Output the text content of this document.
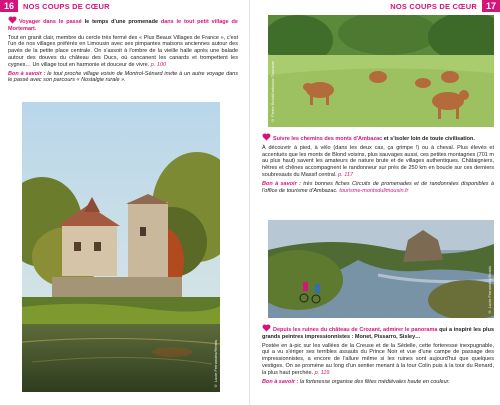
16	NOS COUPS DE CŒUR

Voyager dans le passé le temps d'une promenade dans le tout petit village de Mortemart.

Tout en granit clair, membre du cercle très fermé des « Plus Beaux Villages de France », c'est l'un de nos villages préférés en Limousin avec ses pimpantes maisons anciennes autour des pavés de la petite place centrale. On s'assoit à l'ombre de la vieille halle après une balade autour des douves du château des Ducs, où cancanent les canards et trompettent les cygnes… Un village tout en harmonie et douceur de vivre. p. 100

Bon à savoir : le tout proche village voisin de Montrol-Sénard invite à un autre voyage dans le passé avec son parcours « Nostalgie rurale ».

© Lucie Fernandez/Hemis
NOS COUPS DE CŒUR 17
© Pierre Belot/Ambazac Tourisme

Suivre les chemins des monts d'Ambazac et s'isoler loin de toute civilisation.

À découvrir à pied, à vélo (dans les deux cas, ça grimpe !) ou à cheval. Plus élevés et accentués que les monts de Blond voisins, plus sauvages aussi, ces petites montagnes (701 m au plus haut) savent les amateurs de nature brute et de villages authentiques. Châtaigniers, hêtres et chênes accompagnent le randonneur sur près de 250 km en boucle sur ces derniers soubresauts du Massif central. p. 117

Bon à savoir : très bonnes fiches Circuits de promenades et de randonnées disponibles à l'office de tourisme d'Ambazac. tourisme-montsdulimousin.fr

© Lucie Fernandez/Hemis

Depuis les ruines du château de Crozant, admirer le panorama qui a inspiré les plus grands peintres impressionnistes : Monet, Pissarro, Sisley…

Postée en à-pic sur les vallées de la Creuse et de la Sédelle, cette forteresse inexpugnable, qui a vu s'ériger ses terribles assauts du Prince Noir et vue d'une campe de passage des impressionnistes, a encore de l'allure même si les ruines sont aujourd'hui que quelques vestiges. On se promène au long d'un sentier menant à la tour Colin puis à la tour du Renard, la plus haut perchée. p. 119

Bon à savoir : la forteresse organise des fêtes médiévales haute en couleur.
